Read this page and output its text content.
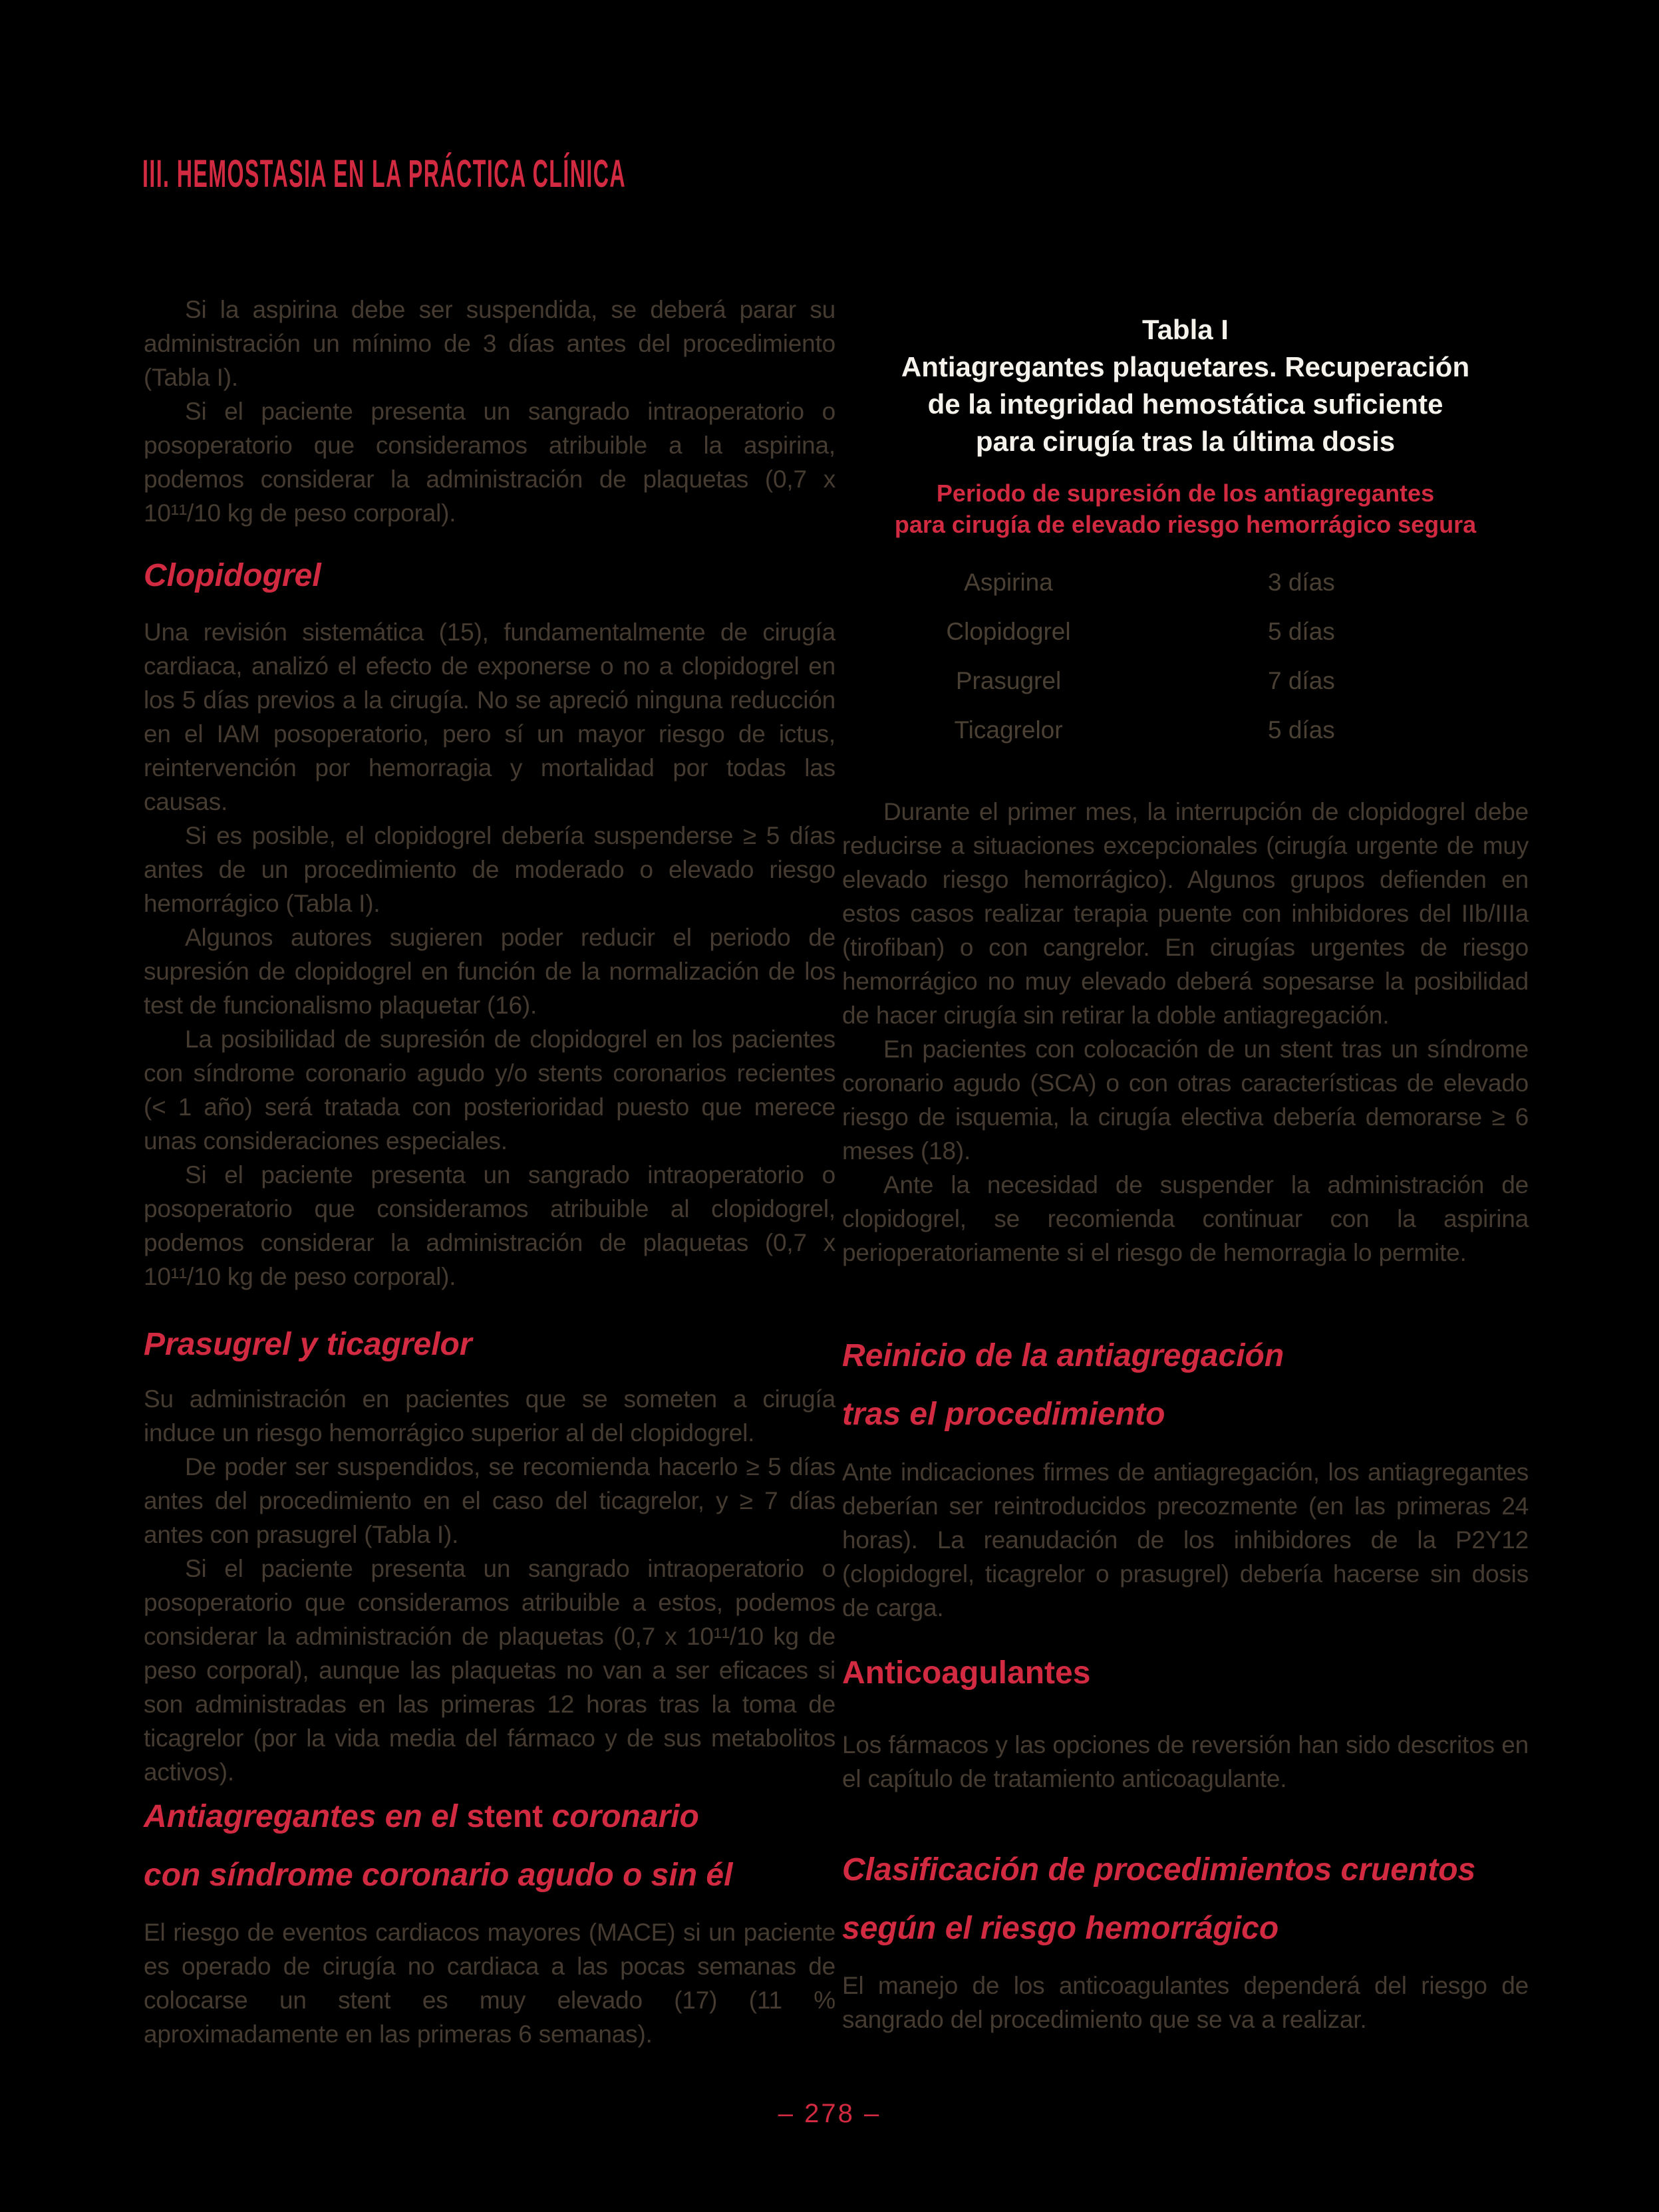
III. HEMOSTASIA EN LA PRÁCTICA CLÍNICA

Si la aspirina debe ser suspendida, se deberá parar su administración un mínimo de 3 días antes del procedimiento (Tabla I).

Si el paciente presenta un sangrado intraoperatorio o posoperatorio que consideramos atribuible a la aspirina, podemos considerar la administración de plaquetas (0,7 x 10¹¹/10 kg de peso corporal).

Clopidogrel

Una revisión sistemática (15), fundamentalmente de cirugía cardiaca, analizó el efecto de exponerse o no a clopidogrel en los 5 días previos a la cirugía. No se apreció ninguna reducción en el IAM posoperatorio, pero sí un mayor riesgo de ictus, reintervención por hemorragia y mortalidad por todas las causas.

Si es posible, el clopidogrel debería suspenderse ≥ 5 días antes de un procedimiento de moderado o elevado riesgo hemorrágico (Tabla I).

Algunos autores sugieren poder reducir el periodo de supresión de clopidogrel en función de la normalización de los test de funcionalismo plaquetar (16).

La posibilidad de supresión de clopidogrel en los pacientes con síndrome coronario agudo y/o stents coronarios recientes (< 1 año) será tratada con posterioridad puesto que merece unas consideraciones especiales.

Si el paciente presenta un sangrado intraoperatorio o posoperatorio que consideramos atribuible al clopidogrel, podemos considerar la administración de plaquetas (0,7 x 10¹¹/10 kg de peso corporal).

Prasugrel y ticagrelor

Su administración en pacientes que se someten a cirugía induce un riesgo hemorrágico superior al del clopidogrel.

De poder ser suspendidos, se recomienda hacerlo ≥ 5 días antes del procedimiento en el caso del ticagrelor, y ≥ 7 días antes con prasugrel (Tabla I).

Si el paciente presenta un sangrado intraoperatorio o posoperatorio que consideramos atribuible a estos, podemos considerar la administración de plaquetas (0,7 x 10¹¹/10 kg de peso corporal), aunque las plaquetas no van a ser eficaces si son administradas en las primeras 12 horas tras la toma de ticagrelor (por la vida media del fármaco y de sus metabolitos activos).

Antiagregantes en el stent coronario
con síndrome coronario agudo o sin él

El riesgo de eventos cardiacos mayores (MACE) si un paciente es operado de cirugía no cardiaca a las pocas semanas de colocarse un stent es muy elevado (17) (11 % aproximadamente en las primeras 6 semanas).

Tabla I
Antiagregantes plaquetares. Recuperación
de la integridad hemostática suficiente
para cirugía tras la última dosis
Periodo de supresión de los antiagregantes
para cirugía de elevado riesgo hemorrágico segura
Aspirina	3 días
Clopidogrel	5 días
Prasugrel	7 días
Ticagrelor	5 días

Durante el primer mes, la interrupción de clopidogrel debe reducirse a situaciones excepcionales (cirugía urgente de muy elevado riesgo hemorrágico). Algunos grupos defienden en estos casos realizar terapia puente con inhibidores del IIb/IIIa (tirofiban) o con cangrelor. En cirugías urgentes de riesgo hemorrágico no muy elevado deberá sopesarse la posibilidad de hacer cirugía sin retirar la doble antiagregación.

En pacientes con colocación de un stent tras un síndrome coronario agudo (SCA) o con otras características de elevado riesgo de isquemia, la cirugía electiva debería demorarse ≥ 6 meses (18).

Ante la necesidad de suspender la administración de clopidogrel, se recomienda continuar con la aspirina perioperatoriamente si el riesgo de hemorragia lo permite.

Reinicio de la antiagregación
tras el procedimiento

Ante indicaciones firmes de antiagregación, los antiagregantes deberían ser reintroducidos precozmente (en las primeras 24 horas). La reanudación de los inhibidores de la P2Y12 (clopidogrel, ticagrelor o prasugrel) debería hacerse sin dosis de carga.

Anticoagulantes

Los fármacos y las opciones de reversión han sido descritos en el capítulo de tratamiento anticoagulante.

Clasificación de procedimientos cruentos
según el riesgo hemorrágico

El manejo de los anticoagulantes dependerá del riesgo de sangrado del procedimiento que se va a realizar.

– 278 –
